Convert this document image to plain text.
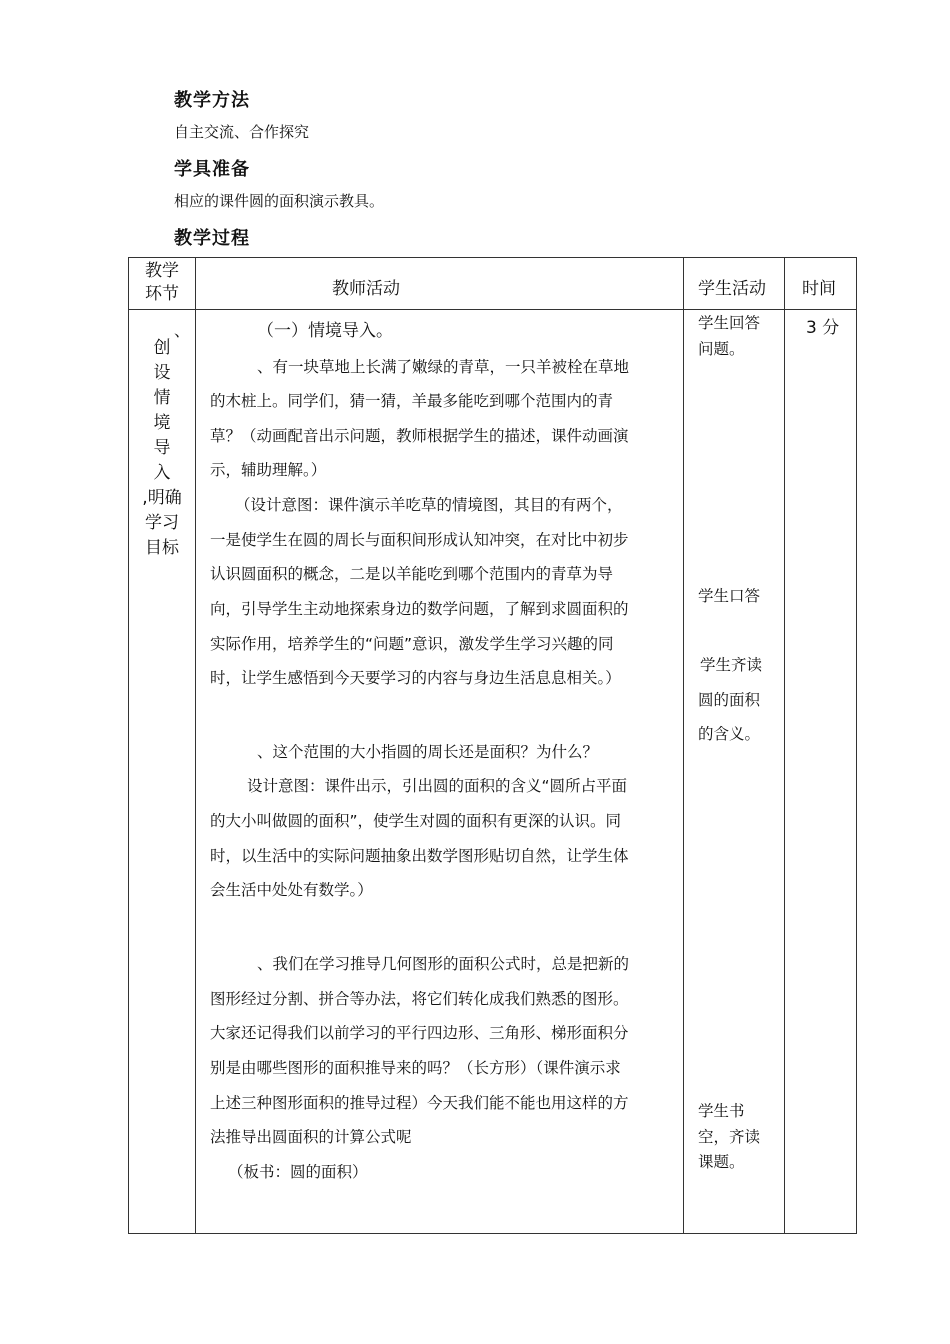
教学方法
自主交流、合作探究
学具准备
相应的课件圆的面积演示教具。
教学过程
教学
环节	教师活动	学生活动 时间
、
创
设
情
境
导
入
,明确
学习
目标
（一）情境导入。
、有一块草地上长满了嫩绿的青草，一只羊被栓在草地
的木桩上。同学们，猜一猜，羊最多能吃到哪个范围内的青
草？（动画配音出示问题，教师根据学生的描述，课件动画演
示，辅助理解。）
（设计意图：课件演示羊吃草的情境图，其目的有两个，
一是使学生在圆的周长与面积间形成认知冲突，在对比中初步
认识圆面积的概念，二是以羊能吃到哪个范围内的青草为导
向，引导学生主动地探索身边的数学问题，了解到求圆面积的
实际作用，培养学生的“问题”意识，激发学生学习兴趣的同
时，让学生感悟到今天要学习的内容与身边生活息息相关。）
、这个范围的大小指圆的周长还是面积？为什么？
设计意图：课件出示，引出圆的面积的含义“圆所占平面
的大小叫做圆的面积”，使学生对圆的面积有更深的认识。同
时，以生活中的实际问题抽象出数学图形贴切自然，让学生体
会生活中处处有数学。）
、我们在学习推导几何图形的面积公式时，总是把新的
图形经过分割、拼合等办法，将它们转化成我们熟悉的图形。
大家还记得我们以前学习的平行四边形、三角形、梯形面积分
别是由哪些图形的面积推导来的吗？（长方形）（课件演示求
上述三种图形面积的推导过程）今天我们能不能也用这样的方
法推导出圆面积的计算公式呢
（板书：圆的面积）
学生回答
问题。
学生口答
学生齐读
圆的面积
的含义。
学生书
空，齐读
课题。
3 分
